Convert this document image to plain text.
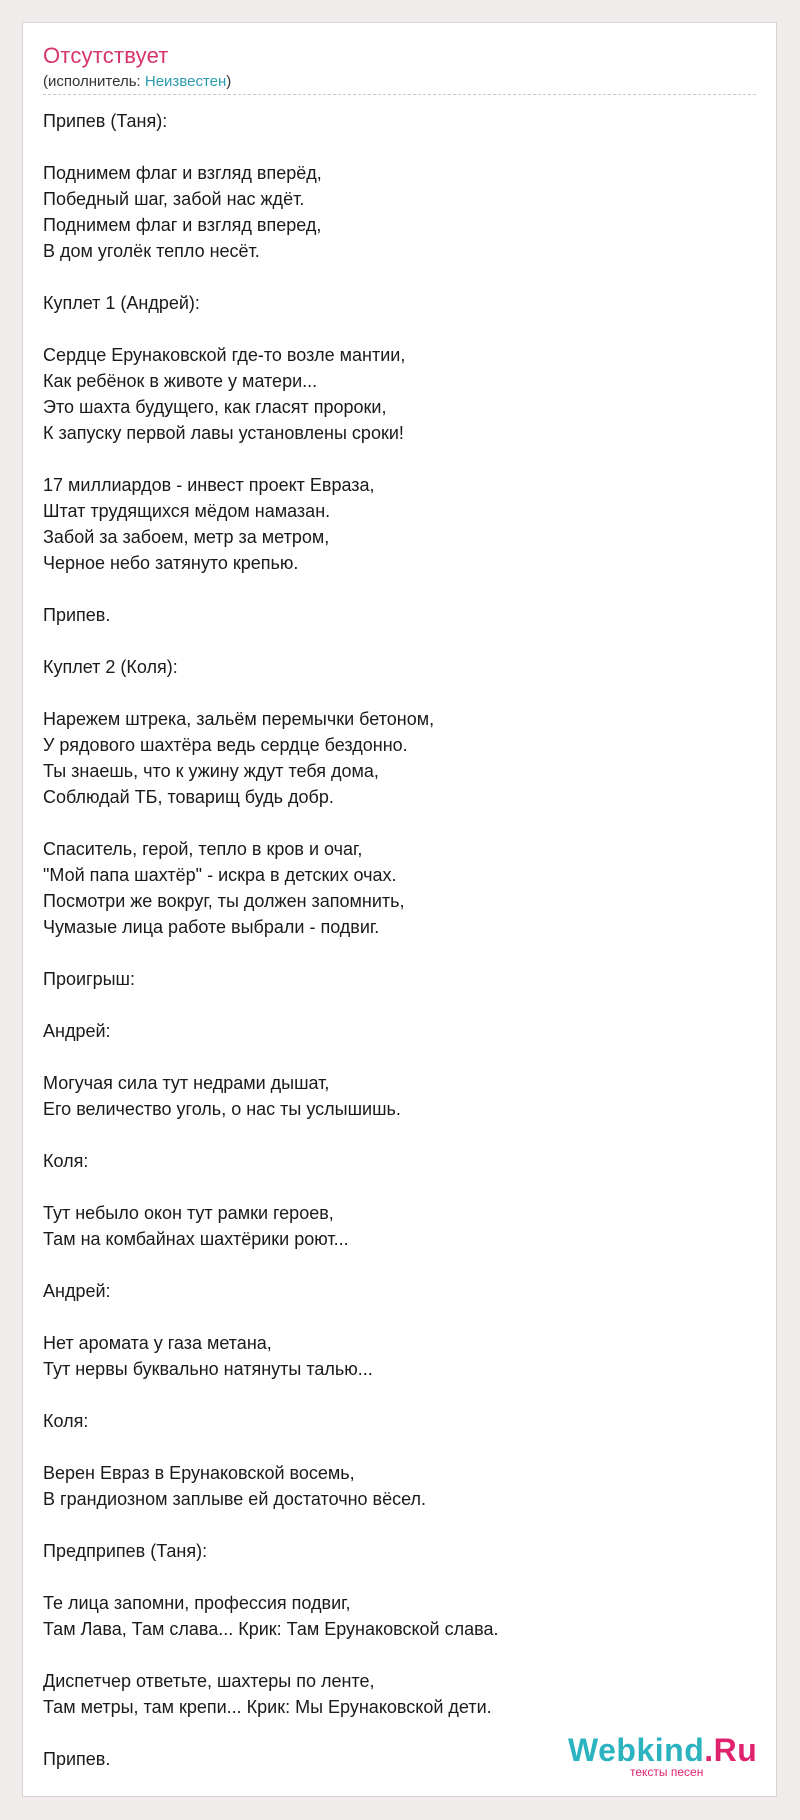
Отсутствует
(исполнитель: Неизвестен)
Припев (Таня):
Поднимем флаг и взгляд вперёд,
Победный шаг, забой нас ждёт.
Поднимем флаг и взгляд вперед,
В дом уголёк тепло несёт.
Куплет 1 (Андрей):
Сердце Ерунаковской где-то возле мантии,
Как ребёнок в животе у матери...
Это шахта будущего, как гласят пророки,
К запуску первой лавы установлены сроки!
17 миллиардов - инвест проект Евраза,
Штат трудящихся мёдом намазан.
Забой за забоем, метр за метром,
Черное небо затянуто крепью.
Припев.
Куплет 2 (Коля):
Нарежем штрека, зальём перемычки бетоном,
У рядового шахтёра ведь сердце бездонно.
Ты знаешь, что к ужину ждут тебя дома,
Соблюдай ТБ, товарищ будь добр.
Спаситель, герой, тепло в кров и очаг,
"Мой папа шахтёр" - искра в детских очах.
Посмотри же вокруг, ты должен запомнить,
Чумазые лица работе выбрали - подвиг.
Проигрыш:
Андрей:
Могучая сила тут недрами дышат,
Его величество уголь, о нас ты услышишь.
Коля:
Тут небыло окон тут рамки героев,
Там на комбайнах шахтёрики роют...
Андрей:
Нет аромата у газа метана,
Тут нервы буквально натянуты талью...
Коля:
Верен Евраз в Ерунаковской восемь,
В грандиозном заплыве ей достаточно вёсел.
Предприпев (Таня):
Те лица запомни, профессия подвиг,
Там Лава, Там слава... Крик: Там Ерунаковской слава.
Диспетчер ответьте, шахтеры по ленте,
Там метры, там крепи... Крик: Мы Ерунаковской дети.
Припев.	Webkind.Ru
тексты песен
